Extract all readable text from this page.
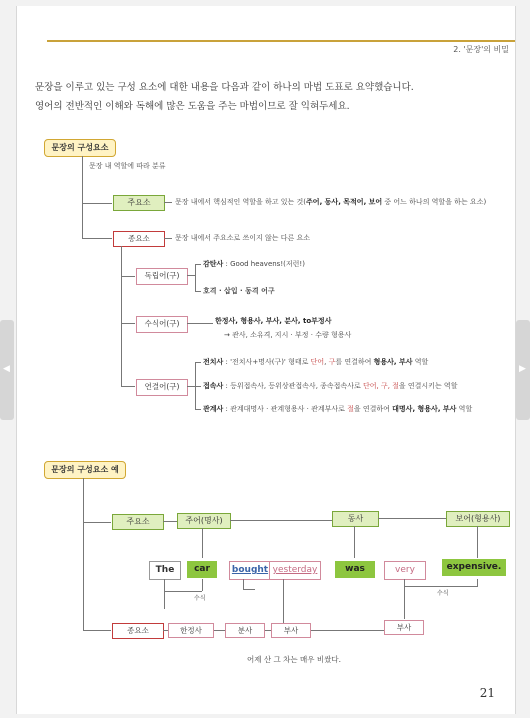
◀	▶
2. '문장'의 비밀
문장을 이루고 있는 구성 요소에 대한 내용을 다음과 같이 하나의 마법 도표로 요약했습니다.
영어의 전반적인 이해와 독해에 많은 도움을 주는 마법이므로 잘 익혀두세요.
문장의 구성요소
문장 내 역할에 따라 분류
주요소	문장 내에서 핵심적인 역할을 하고 있는 것(주어, 동사, 목적어, 보어 중 어느 하나의 역할을 하는 요소)
종요소	문장 내에서 주요소로 쓰이지 않는 다른 요소
독립어(구)
감탄사 : Good heavens!(저런!)
호격 · 삽입 · 동격 어구
수식어(구)	한정사, 형용사, 부사, 분사, to부정사
→ 관사, 소유격, 지시 · 부정 · 수량 형용사
연결어(구)
전치사 : '전치사+명사(구)' 형태로 단어, 구를 연결하여 형용사, 부사 역할
접속사 : 등위접속사, 등위상관접속사, 종속접속사로 단어, 구, 절을 연결시키는 역할
관계사 : 관계대명사 · 관계형용사 · 관계부사로 절을 연결하여 대명사, 형용사, 부사 역할
문장의 구성요소 예
주요소	주어(명사)	동사	보어(형용사)
The	car	bought yesterday	was	very	expensive.
수식
수식
종요소	한정사	분사	부사	부사
어제 산 그 차는 매우 비쌌다.
21
